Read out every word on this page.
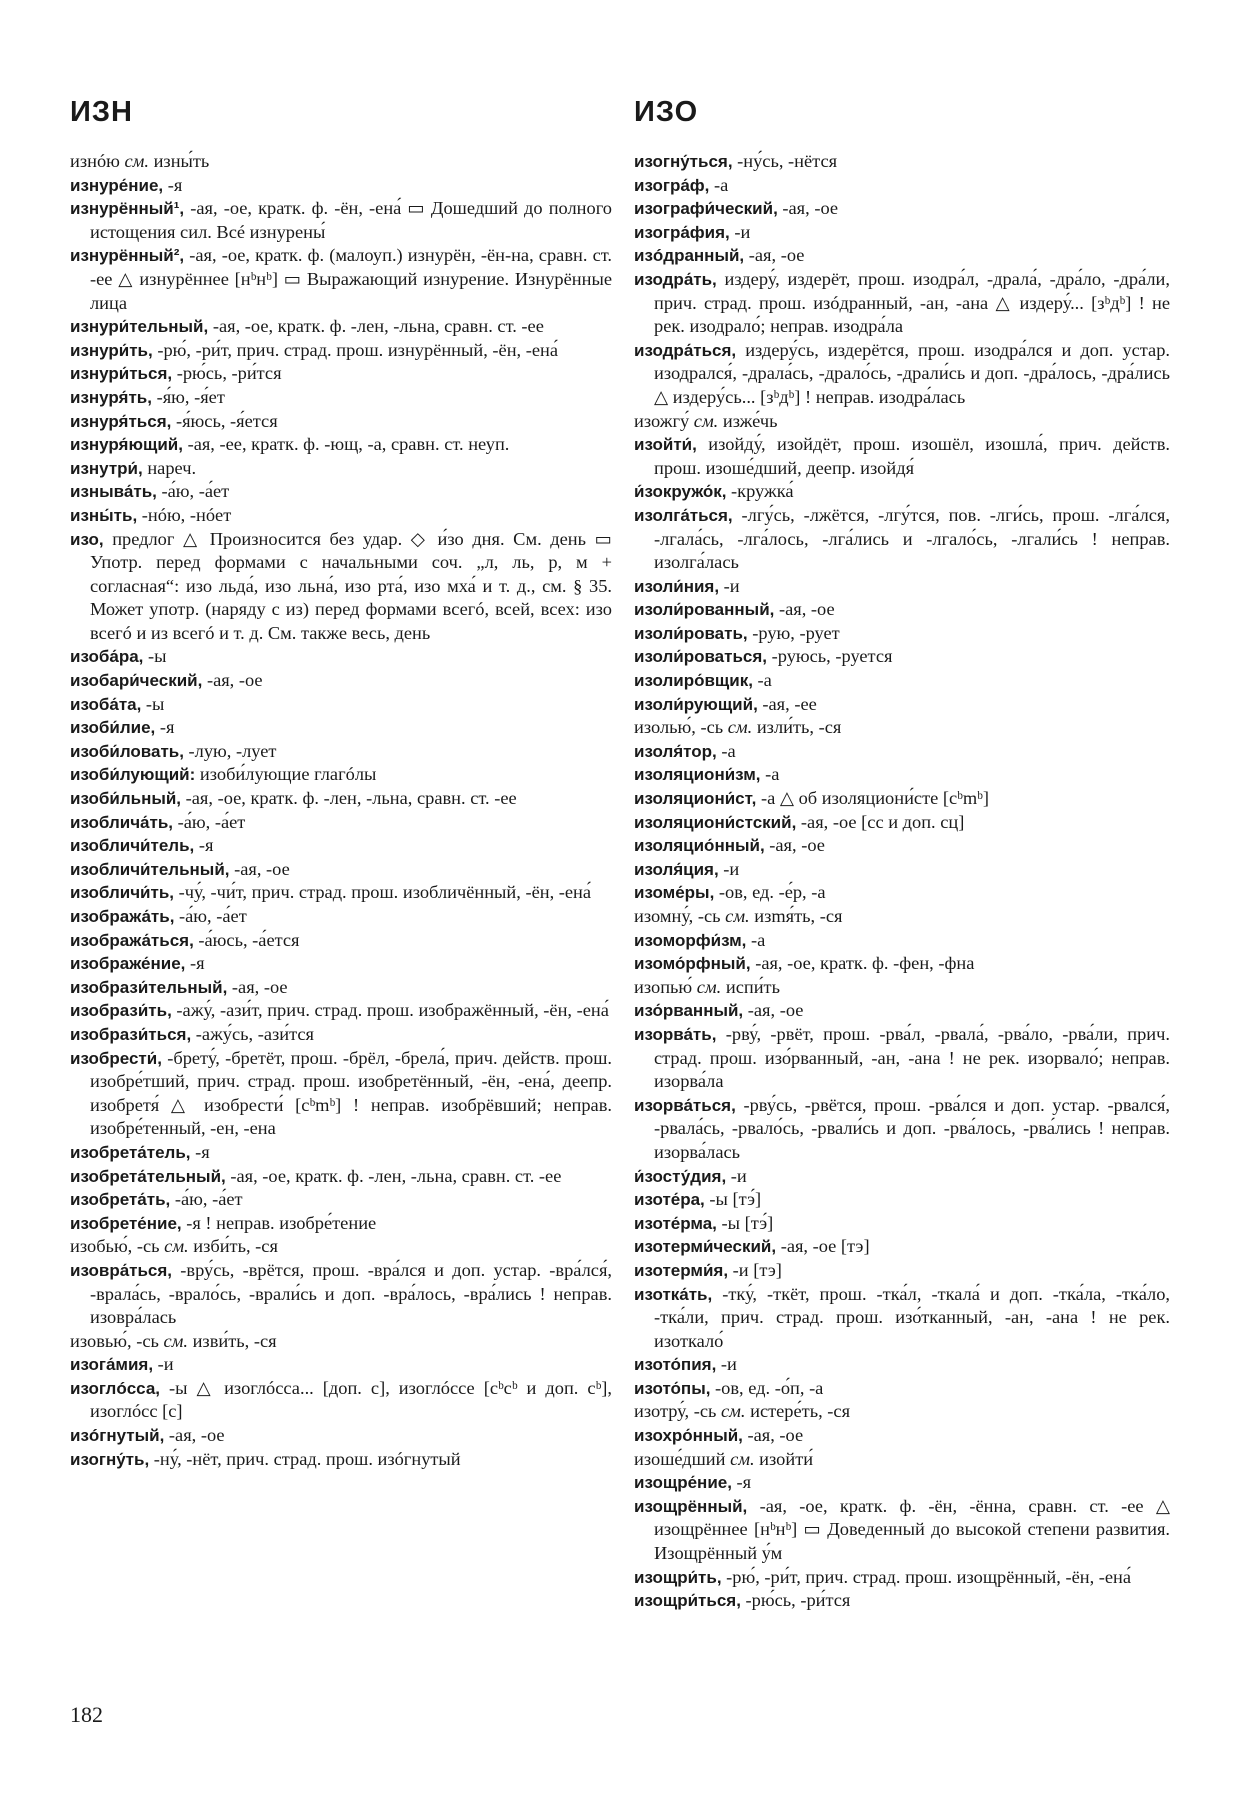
ИЗН	ИЗО
изнóю см. изны́ть
изнуре́ние, -я
изнурённый¹, -ая, -ое, кратк. ф. -ён, -ена́ ▭ Дошедший до полного истощения сил. Всé изнурены́
изнурённый², -ая, -ое, кратк. ф. (малоуп.) изнурён, -ён-на, сравн. ст. -ее △ изнурённее [нᵇнᵇ] ▭ Выражающий изнурение. Изнурённые лица
изнури́тельный, -ая, -ое, кратк. ф. -лен, -льна, сравн. ст. -ее
изнури́ть, -рю́, -ри́т, прич. страд. прош. изнурённый, -ён, -ена́
изнури́ться, -рю́сь, -ри́тся
изнуря́ть, -я́ю, -я́ет
изнуря́ться, -я́юсь, -я́ется
изнуря́ющий, -ая, -ее, кратк. ф. -ющ, -а, сравн. ст. неуп.
изнутри́, нареч.
изныва́ть, -а́ю, -а́ет
изны́ть, -нóю, -нóет
изо, предлог △ Произносится без удар. ◇ и́зо дня. См. день ▭ Употр. перед формами с начальными соч. „л, ль, р, м + согласная“: изо льда́, изо льна́, изо рта́, изо мха́ и т. д., см. § 35. Может употр. (наряду с из) перед формами всегó, всей, всех: изо всегó и из всегó и т. д. См. также весь, день
изоба́ра, -ы
изобари́ческий, -ая, -ое
изоба́та, -ы
изоби́лие, -я
изоби́ловать, -лую, -лует
изоби́лующий: изоби́лующие глагóлы
изоби́льный, -ая, -ое, кратк. ф. -лен, -льна, сравн. ст. -ее
изоблича́ть, -а́ю, -а́ет
изобличи́тель, -я
изобличи́тельный, -ая, -ое
изобличи́ть, -чу́, -чи́т, прич. страд. прош. изобличённый, -ён, -ена́
изобража́ть, -а́ю, -а́ет
изобража́ться, -а́юсь, -а́ется
изображе́ние, -я
изобрази́тельный, -ая, -ое
изобрази́ть, -ажу́, -ази́т, прич. страд. прош. изображённый, -ён, -ена́
изобрази́ться, -ажу́сь, -ази́тся
изобрести́, -брету́, -бретёт, прош. -брёл, -брела́, прич. действ. прош. изобре́тший, прич. страд. прош. изобретённый, -ён, -ена́, деепр. изобретя́ △ изобрести́ [cᵇmᵇ] ! неправ. изобрёвший; неправ. изобре́тенный, -ен, -ена
изобрета́тель, -я
изобрета́тельный, -ая, -ое, кратк. ф. -лен, -льна, сравн. ст. -ее
изобрета́ть, -а́ю, -а́ет
изобрете́ние, -я ! неправ. изобре́тение
изобью́, -сь см. изби́ть, -ся
изовра́ться, -вру́сь, -врётся, прош. -вра́лся и доп. устар. -вра́лся́, -врала́сь, -врало́сь, -врали́сь и доп. -вра́лось, -вра́лись ! неправ. изовра́лась
изовью́, -сь см. изви́ть, -ся
изога́мия, -и
изоглóсса, -ы △ изоглóсса... [доп. с], изоглóссе [cᵇcᵇ и доп. cᵇ], изоглóсс [с]
изóгнутый, -ая, -ое
изогну́ть, -ну́, -нёт, прич. страд. прош. изóгнутый
изогну́ться, -ну́сь, -нётся
изогра́ф, -а
изографи́ческий, -ая, -ое
изогра́фия, -и
изóдранный, -ая, -ое
изодра́ть, издеру́, издерёт, прош. изодра́л, -драла́, -дра́ло, -дра́ли, прич. страд. прош. изóдранный, -ан, -ана △ издеру́... [зᵇдᵇ] ! не рек. изодрало́; неправ. изодра́ла
изодра́ться, издеру́сь, издерётся, прош. изодра́лся и доп. устар. изодрался́, -драла́сь, -драло́сь, -драли́сь и доп. -дра́лось, -дра́лись △ издеру́сь... [зᵇдᵇ] ! неправ. изодра́лась
изожгу́ см. изже́чь
изойти́, изойду́, изойдёт, прош. изошёл, изошла́, прич. действ. прош. изоше́дший, деепр. изойдя́
и́зокружо́к, -кружка́
изолга́ться, -лгу́сь, -лжётся, -лгу́тся, пов. -лги́сь, прош. -лга́лся, -лгала́сь, -лга́лось, -лга́лись и -лгало́сь, -лгали́сь ! неправ. изолга́лась
изоли́ния, -и
изоли́рованный, -ая, -ое
изоли́ровать, -рую, -рует
изоли́роваться, -руюсь, -руется
изолиро́вщик, -а
изоли́рующий, -ая, -ее
изолью́, -сь см. изли́ть, -ся
изоля́тор, -а
изоляциони́зм, -а
изоляциони́ст, -а △ об изоляциони́сте [cᵇmᵇ]
изоляциони́стский, -ая, -ое [сс и доп. сц]
изоляцио́нный, -ая, -ое
изоля́ция, -и
изоме́ры, -ов, ед. -е́р, -а
изомну́, -сь см. изmя́ть, -ся
изоморфи́зм, -а
изомо́рфный, -ая, -ое, кратк. ф. -фен, -фна
изопью́ см. испи́ть
изо́рванный, -ая, -ое
изорва́ть, -рву́, -рвёт, прош. -рва́л, -рвала́, -рва́ло, -рва́ли, прич. страд. прош. изо́рванный, -ан, -ана ! не рек. изорвало́; неправ. изорва́ла
изорва́ться, -рву́сь, -рвётся, прош. -рва́лся и доп. устар. -рвался́, -рвала́сь, -рвало́сь, -рвали́сь и доп. -рва́лось, -рва́лись ! неправ. изорва́лась
и́зосту́дия, -и
изоте́ра, -ы [тэ́]
изоте́рма, -ы [тэ́]
изотерми́ческий, -ая, -ое [тэ]
изотерми́я, -и [тэ]
изотка́ть, -тку́, -ткёт, прош. -тка́л, -ткала́ и доп. -тка́ла, -тка́ло, -тка́ли, прич. страд. прош. изо́тканный, -ан, -ана ! не рек. изоткало́
изото́пия, -и
изото́пы, -ов, ед. -о́п, -а
изотру́, -сь см. истере́ть, -ся
изохро́нный, -ая, -ое
изоше́дший см. изойти́
изощре́ние, -я
изощрённый, -ая, -ое, кратк. ф. -ён, -ённа, сравн. ст. -ее △ изощрённее [нᵇнᵇ] ▭ Доведенный до высокой степени развития. Изощрённый у́м
изощри́ть, -рю́, -ри́т, прич. страд. прош. изощрённый, -ён, -ена́
изощри́ться, -рю́сь, -ри́тся
182
